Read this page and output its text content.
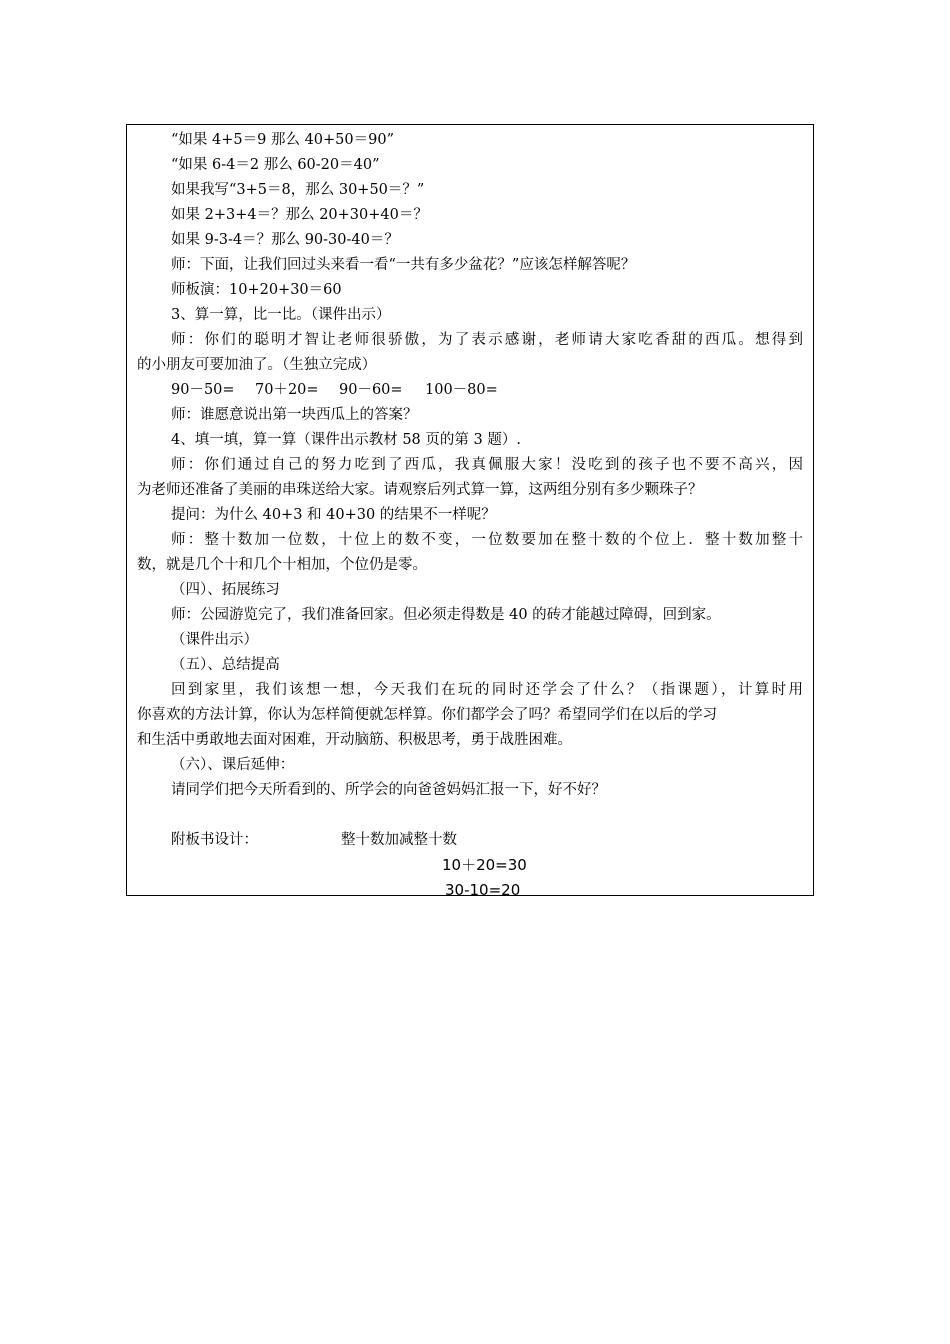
“如果 4+5＝9 那么 40+50＝90”
“如果 6-4＝2 那么 60-20＝40”
如果我写“3+5＝8，那么 30+50＝？”
如果 2+3+4＝？那么 20+30+40＝？
如果 9-3-4＝？那么 90-30-40＝？
师：下面，让我们回过头来看一看“一共有多少盆花？”应该怎样解答呢？
师板演：10+20+30＝60
3、算一算，比一比。（课件出示）
师：你们的聪明才智让老师很骄傲，为了表示感谢，老师请大家吃香甜的西瓜。想得到
的小朋友可要加油了。（生独立完成）
90－50= 70＋20= 90－60= 100－80=
师：谁愿意说出第一块西瓜上的答案？
4、填一填，算一算（课件出示教材 58 页的第 3 题）.
师：你们通过自己的努力吃到了西瓜，我真佩服大家！没吃到的孩子也不要不高兴，因
为老师还准备了美丽的串珠送给大家。请观察后列式算一算，这两组分别有多少颗珠子？
提问：为什么 40+3 和 40+30 的结果不一样呢？
师：整十数加一位数，十位上的数不变，一位数要加在整十数的个位上．整十数加整十
数，就是几个十和几个十相加，个位仍是零。
（四）、拓展练习
师：公园游览完了，我们准备回家。但必须走得数是 40 的砖才能越过障碍，回到家。
（课件出示）
（五）、总结提高
回到家里，我们该想一想，今天我们在玩的同时还学会了什么？（指课题），计算时用
你喜欢的方法计算，你认为怎样简便就怎样算。你们都学会了吗？希望同学们在以后的学习
和生活中勇敢地去面对困难，开动脑筋、积极思考，勇于战胜困难。
（六）、课后延伸：
请同学们把今天所看到的、所学会的向爸爸妈妈汇报一下，好不好？
附板书设计：	整十数加减整十数
10＋20=30
30-10=20
